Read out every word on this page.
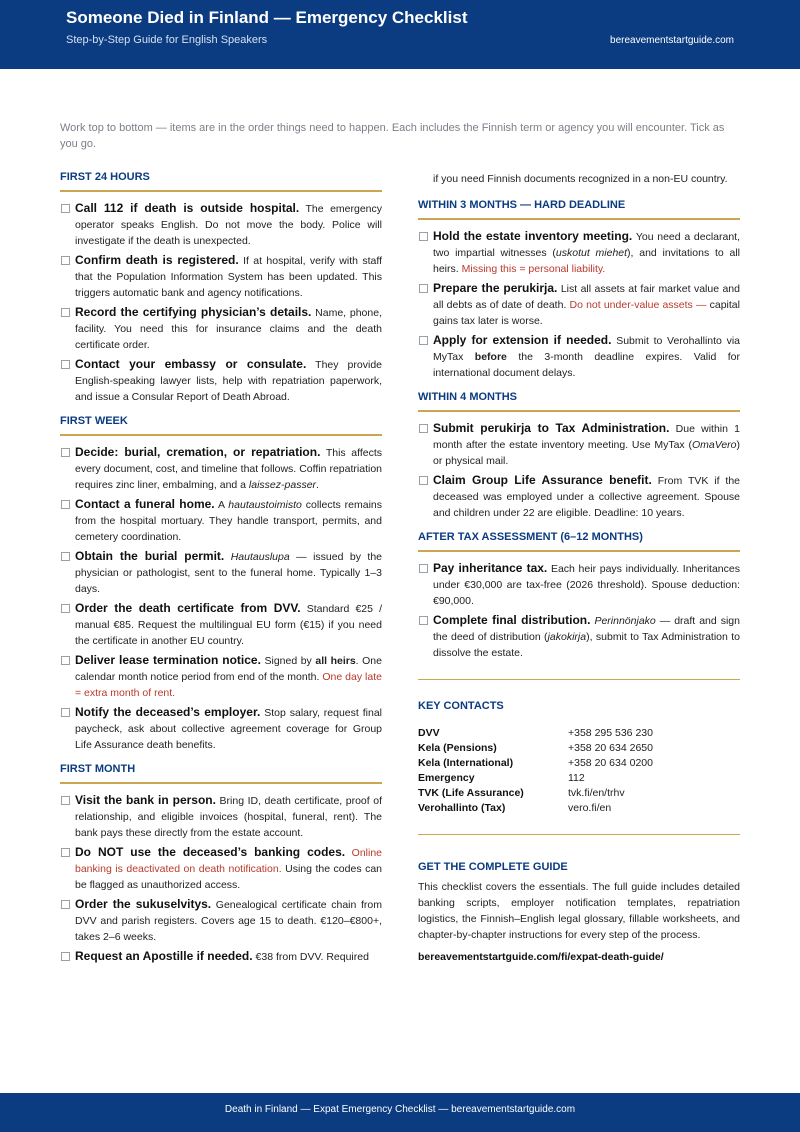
Someone Died in Finland — Emergency Checklist
Step-by-Step Guide for English Speakers	bereavementstartguide.com
Work top to bottom — items are in the order things need to happen. Each includes the Finnish term or agency you will encounter. Tick as you go.
FIRST 24 HOURS
Call 112 if death is outside hospital. The emergency operator speaks English. Do not move the body. Police will investigate if the death is unexpected.
Confirm death is registered. If at hospital, verify with staff that the Population Information System has been updated. This triggers automatic bank and agency notifications.
Record the certifying physician’s details. Name, phone, facility. You need this for insurance claims and the death certificate order.
Contact your embassy or consulate. They provide English-speaking lawyer lists, help with repatriation paperwork, and issue a Consular Report of Death Abroad.
FIRST WEEK
Decide: burial, cremation, or repatriation. This affects every document, cost, and timeline that follows. Coffin repatriation requires zinc liner, embalming, and a laissez-passer.
Contact a funeral home. A hautaustoimisto collects remains from the hospital mortuary. They handle transport, permits, and cemetery coordination.
Obtain the burial permit. Hautauslupa — issued by the physician or pathologist, sent to the funeral home. Typically 1–3 days.
Order the death certificate from DVV. Standard €25 / manual €85. Request the multilingual EU form (€15) if you need the certificate in another EU country.
Deliver lease termination notice. Signed by all heirs. One calendar month notice period from end of the month. One day late = extra month of rent.
Notify the deceased’s employer. Stop salary, request final paycheck, ask about collective agreement coverage for Group Life Assurance death benefits.
FIRST MONTH
Visit the bank in person. Bring ID, death certificate, proof of relationship, and eligible invoices (hospital, funeral, rent). The bank pays these directly from the estate account.
Do NOT use the deceased’s banking codes. Online banking is deactivated on death notification. Using the codes can be flagged as unauthorized access.
Order the sukuselvitys. Genealogical certificate chain from DVV and parish registers. Covers age 15 to death. €120–€800+, takes 2–6 weeks.
Request an Apostille if needed. €38 from DVV. Required
if you need Finnish documents recognized in a non-EU country.
WITHIN 3 MONTHS — HARD DEADLINE
Hold the estate inventory meeting. You need a declarant, two impartial witnesses (uskotut miehet), and invitations to all heirs. Missing this = personal liability.
Prepare the perukirja. List all assets at fair market value and all debts as of date of death. Do not under-value assets — capital gains tax later is worse.
Apply for extension if needed. Submit to Verohallinto via MyTax before the 3-month deadline expires. Valid for international document delays.
WITHIN 4 MONTHS
Submit perukirja to Tax Administration. Due within 1 month after the estate inventory meeting. Use MyTax (OmaVero) or physical mail.
Claim Group Life Assurance benefit. From TVK if the deceased was employed under a collective agreement. Spouse and children under 22 are eligible. Deadline: 10 years.
AFTER TAX ASSESSMENT (6–12 MONTHS)
Pay inheritance tax. Each heir pays individually. Inheritances under €30,000 are tax-free (2026 threshold). Spouse deduction: €90,000.
Complete final distribution. Perinnönjako — draft and sign the deed of distribution (jakokirja), submit to Tax Administration to dissolve the estate.
KEY CONTACTS
DVV	+358 295 536 230
Kela (Pensions)	+358 20 634 2650
Kela (International)	+358 20 634 0200
Emergency	112
TVK (Life Assurance)	tvk.fi/en/trhv
Verohallinto (Tax)	vero.fi/en
GET THE COMPLETE GUIDE
This checklist covers the essentials. The full guide includes detailed banking scripts, employer notification templates, repatriation logistics, the Finnish–English legal glossary, fillable worksheets, and chapter-by-chapter instructions for every step of the process.
bereavementstartguide.com/fi/expat-death-guide/
Death in Finland — Expat Emergency Checklist — bereavementstartguide.com
